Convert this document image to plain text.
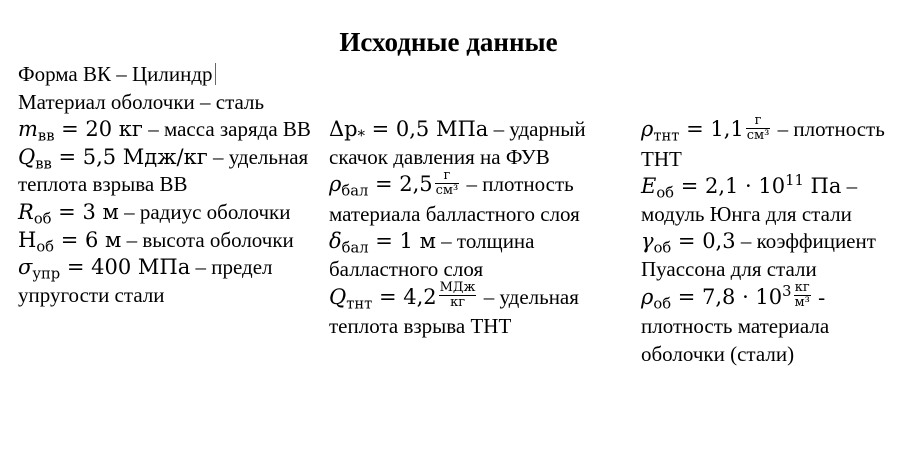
Исходные данные

Форма ВК – Цилиндр

Материал оболочки – сталь

$m_{вв} = 20$ кг – масса заряда ВВ

$Q_{вв} = 5,5$ Мдж/кг – удельная теплота взрыва ВВ

$R_{об} = 3$ м – радиус оболочки

$H_{об} = 6$ м – высота оболочки

$\sigma_{упр} = 400$ МПа – предел упругости стали

$\Delta p_* = 0,5$ МПа – ударный скачок давления на ФУВ

$\rho_{бал} = 2,5 \frac{г}{\text{см³}}$ – плотность материала балластного слоя

$\delta_{бал} = 1$ м – толщина балластного слоя

$Q_{тнт} = 4,2 \frac{\text{МДж}}{кг}$ – удельная теплота взрыва ТНТ

$\rho_{тнт} = 1,1 \frac{г}{\text{см³}}$ – плотность ТНТ

$E_{об} = 2,1 \cdot 10^{11}$ Па – модуль Юнга для стали

$\gamma_{об} = 0,3$ – коэффициент Пуассона для стали

$\rho_{об} = 7,8 \cdot 10^3 \frac{кг}{\text{м³}}$ - плотность материала оболочки (стали)
